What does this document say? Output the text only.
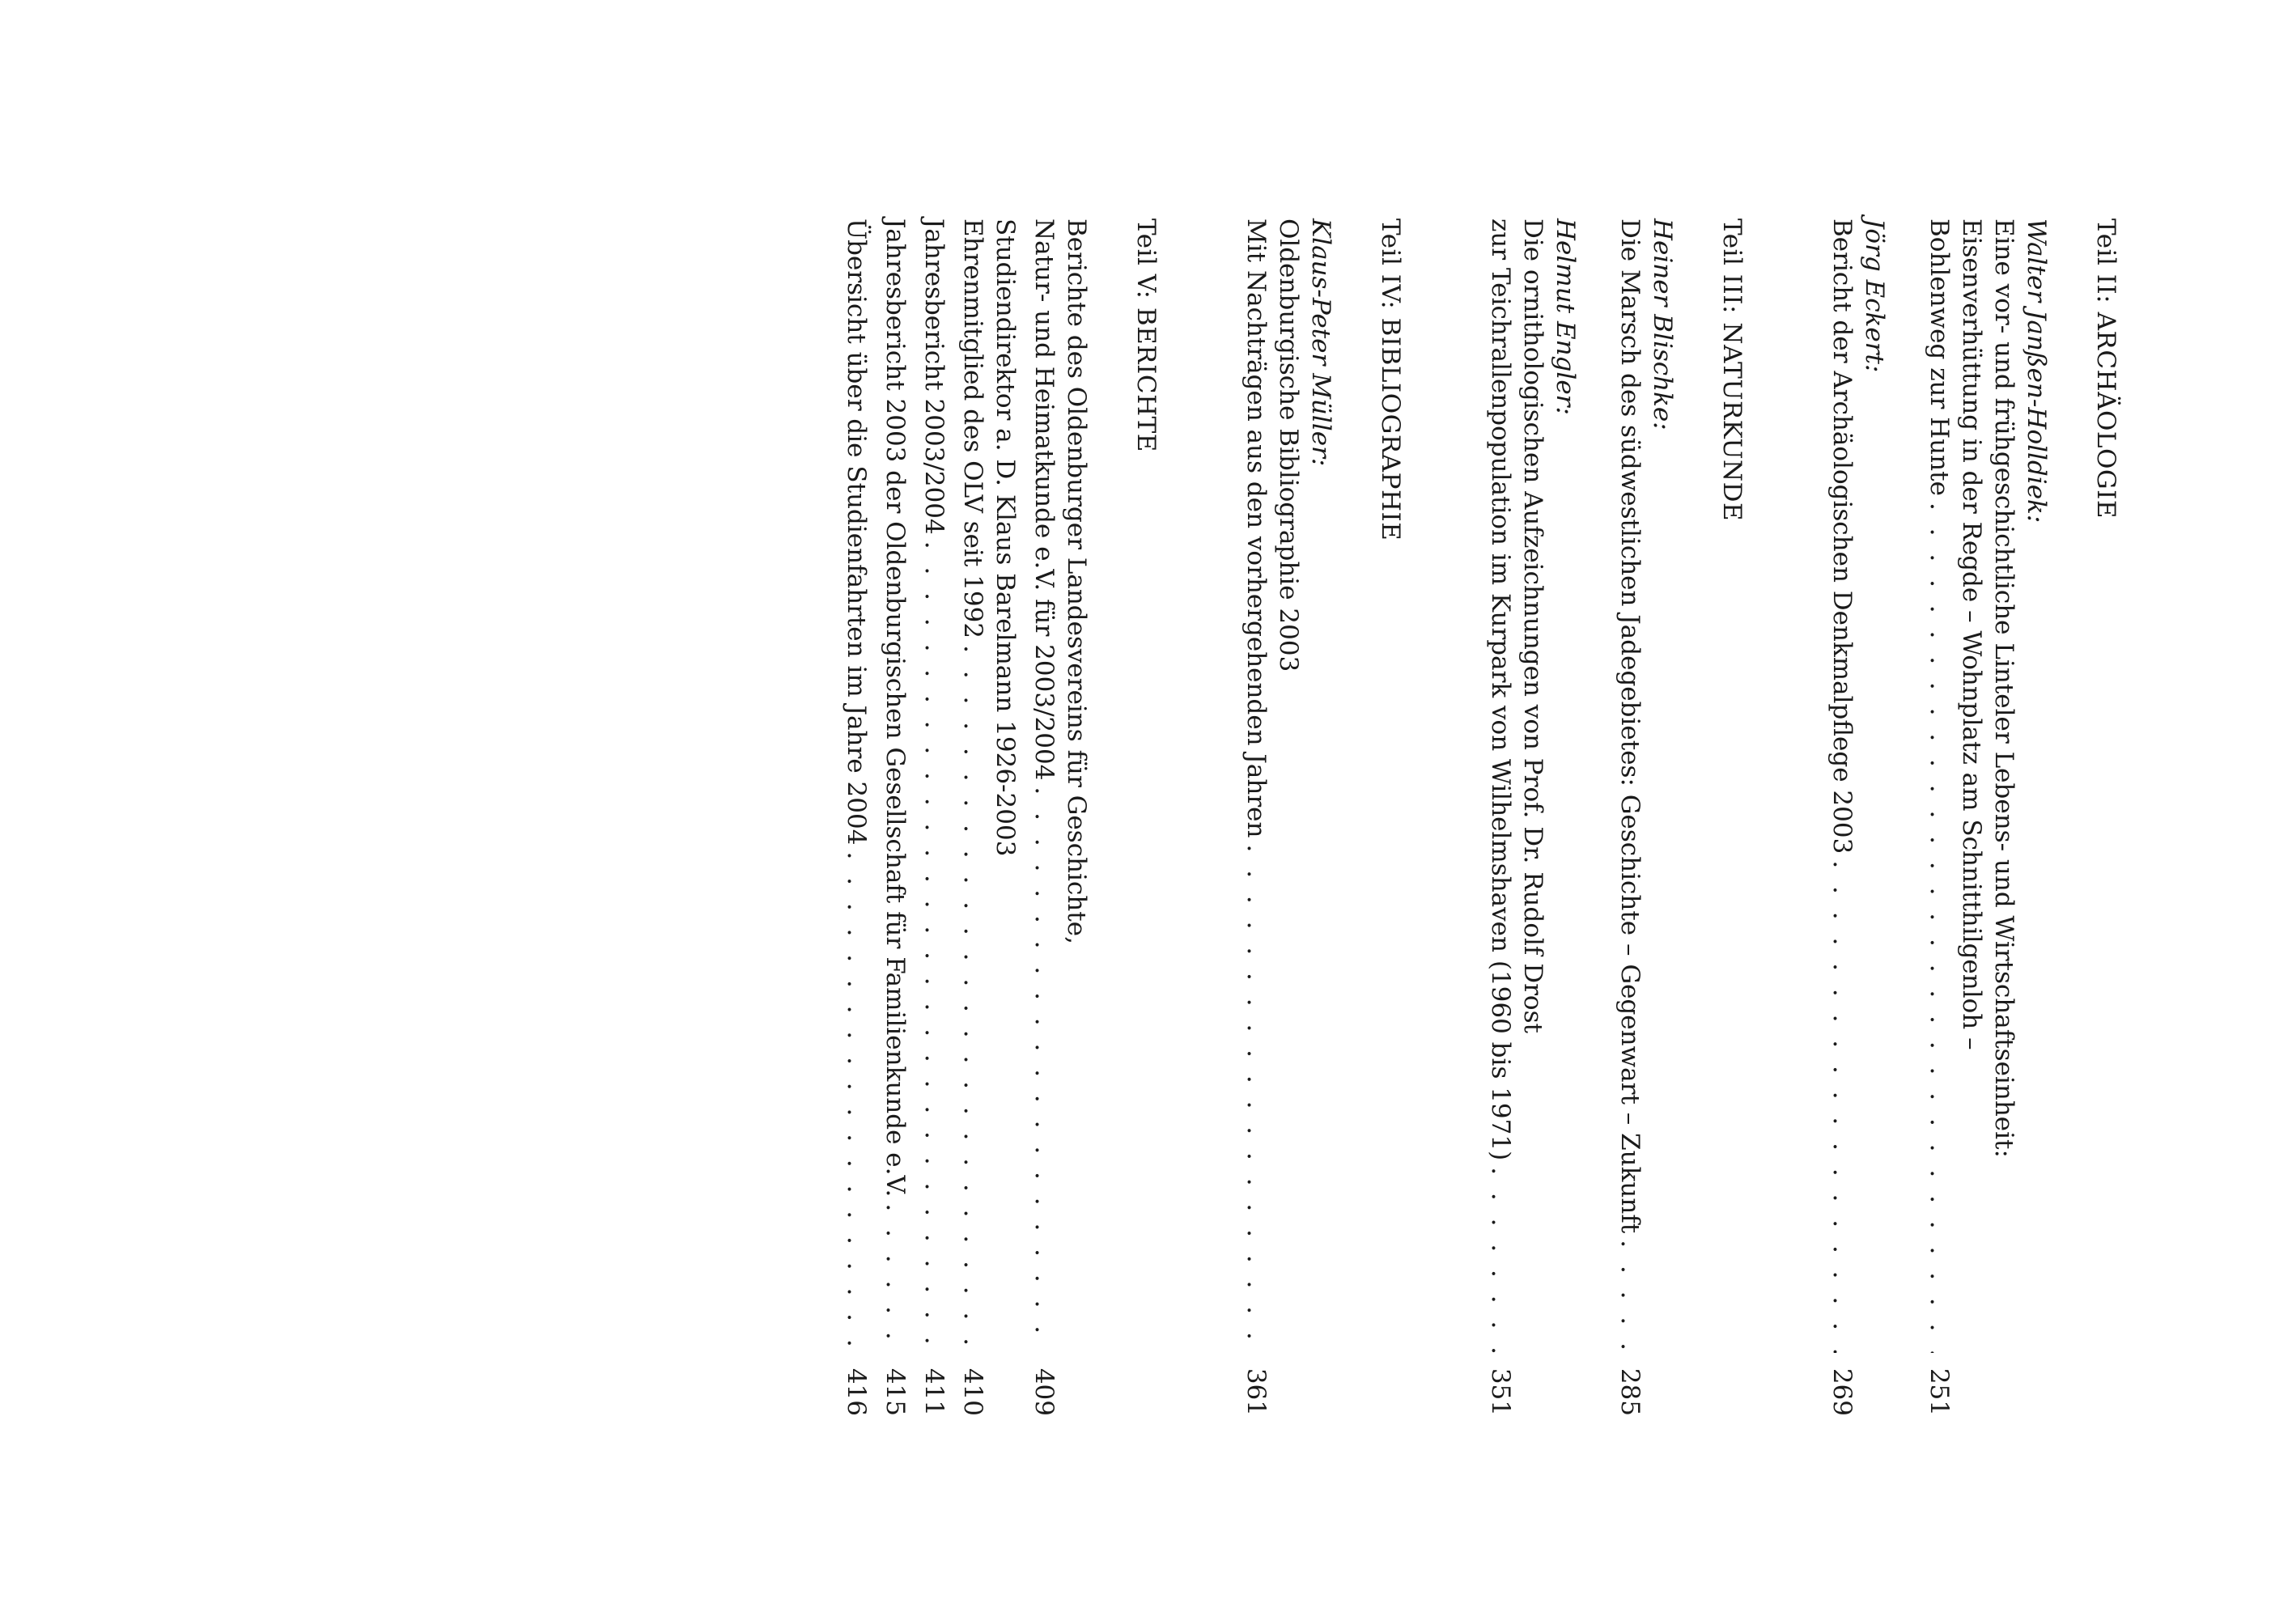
Teil II: ARCHÄOLOGIE
Walter Janßen-Holldiek:
Eine vor- und frühgeschichtliche Linteler Lebens- und Wirtschaftseinheit:
Eisenverhüttung in der Regde – Wohnplatz am Schnitthilgenloh –
Bohlenweg zur Hunte
. . .
251
Jörg Eckert:
Bericht der Archäologischen Denkmalpflege 2003
. . .
269
Teil III: NATURKUNDE
Heiner Blischke:
Die Marsch des südwestlichen Jadegebietes: Geschichte – Gegenwart – Zukunft
. . .
285
Helmut Engler:
Die ornithologischen Aufzeichnungen von Prof. Dr. Rudolf Drost
zur Teichrallenpopulation im Kurpark von Wilhelmshaven (1960 bis 1971)
. . .
351
Teil IV: BIBLIOGRAPHIE
Klaus-Peter Müller:
Oldenburgische Bibliographie 2003
Mit Nachträgen aus den vorhergehenden Jahren
. . .
361
Teil V: BERICHTE
Berichte des Oldenburger Landesvereins für Geschichte,
Natur- und Heimatkunde e.V. für 2003/2004
. . .
409
Studiendirektor a. D. Klaus Barelmann 1926-2003
Ehrenmitglied des OLV seit 1992
. . .
410
Jahresbericht 2003/2004
. . .
411
Jahresbericht 2003 der Oldenburgischen Gesellschaft für Familienkunde e.V.
. . .
415
Übersicht über die Studienfahrten im Jahre 2004
. . .
416
